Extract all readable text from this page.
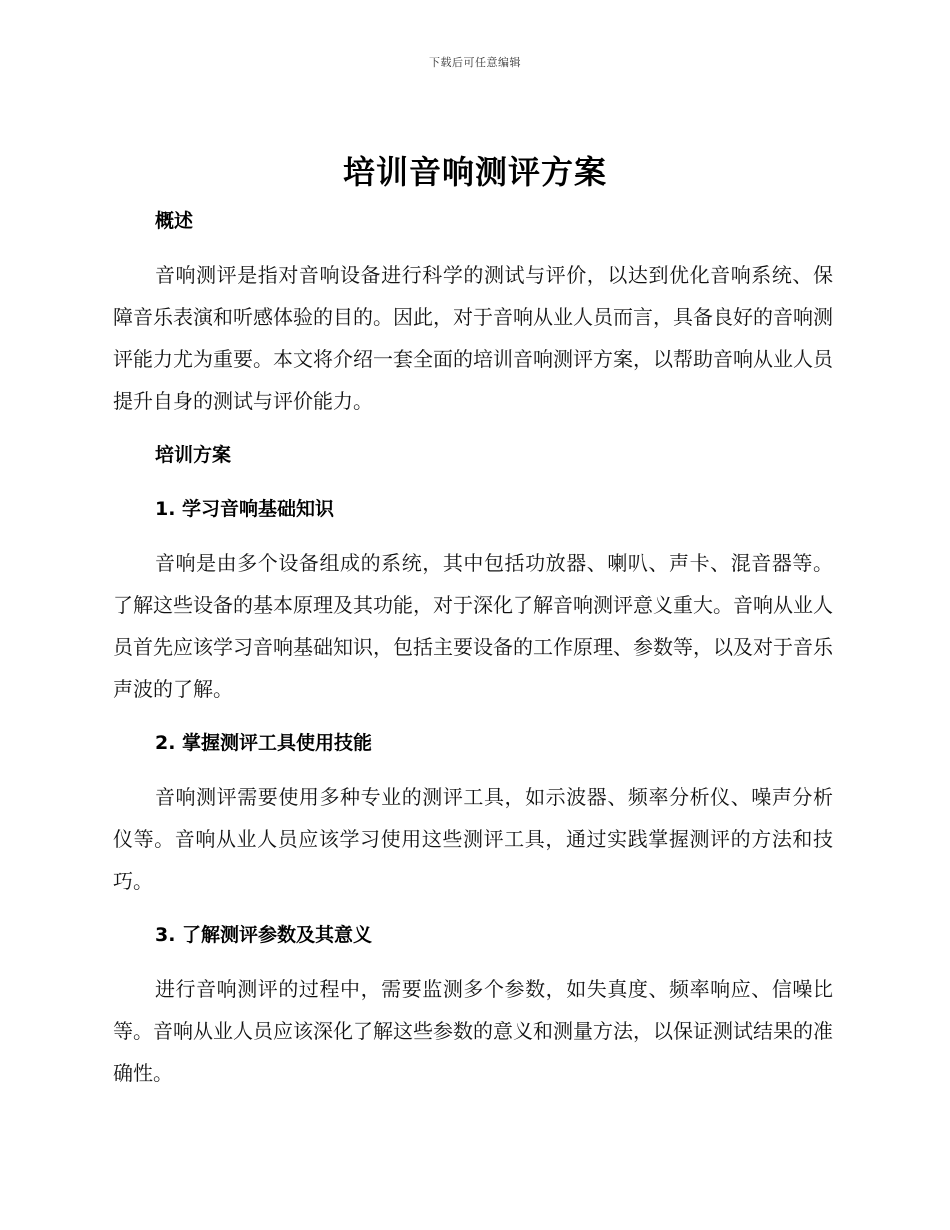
下载后可任意编辑
培训音响测评方案

概述

音响测评是指对音响设备进行科学的测试与评价，以达到优化音响系统、保障音乐表演和听感体验的目的。因此，对于音响从业人员而言，具备良好的音响测评能力尤为重要。本文将介绍一套全面的培训音响测评方案，以帮助音响从业人员提升自身的测试与评价能力。

培训方案

1. 学习音响基础知识

音响是由多个设备组成的系统，其中包括功放器、喇叭、声卡、混音器等。了解这些设备的基本原理及其功能，对于深化了解音响测评意义重大。音响从业人员首先应该学习音响基础知识，包括主要设备的工作原理、参数等，以及对于音乐声波的了解。

2. 掌握测评工具使用技能

音响测评需要使用多种专业的测评工具，如示波器、频率分析仪、噪声分析仪等。音响从业人员应该学习使用这些测评工具，通过实践掌握测评的方法和技巧。

3. 了解测评参数及其意义

进行音响测评的过程中，需要监测多个参数，如失真度、频率响应、信噪比等。音响从业人员应该深化了解这些参数的意义和测量方法，以保证测试结果的准确性。
